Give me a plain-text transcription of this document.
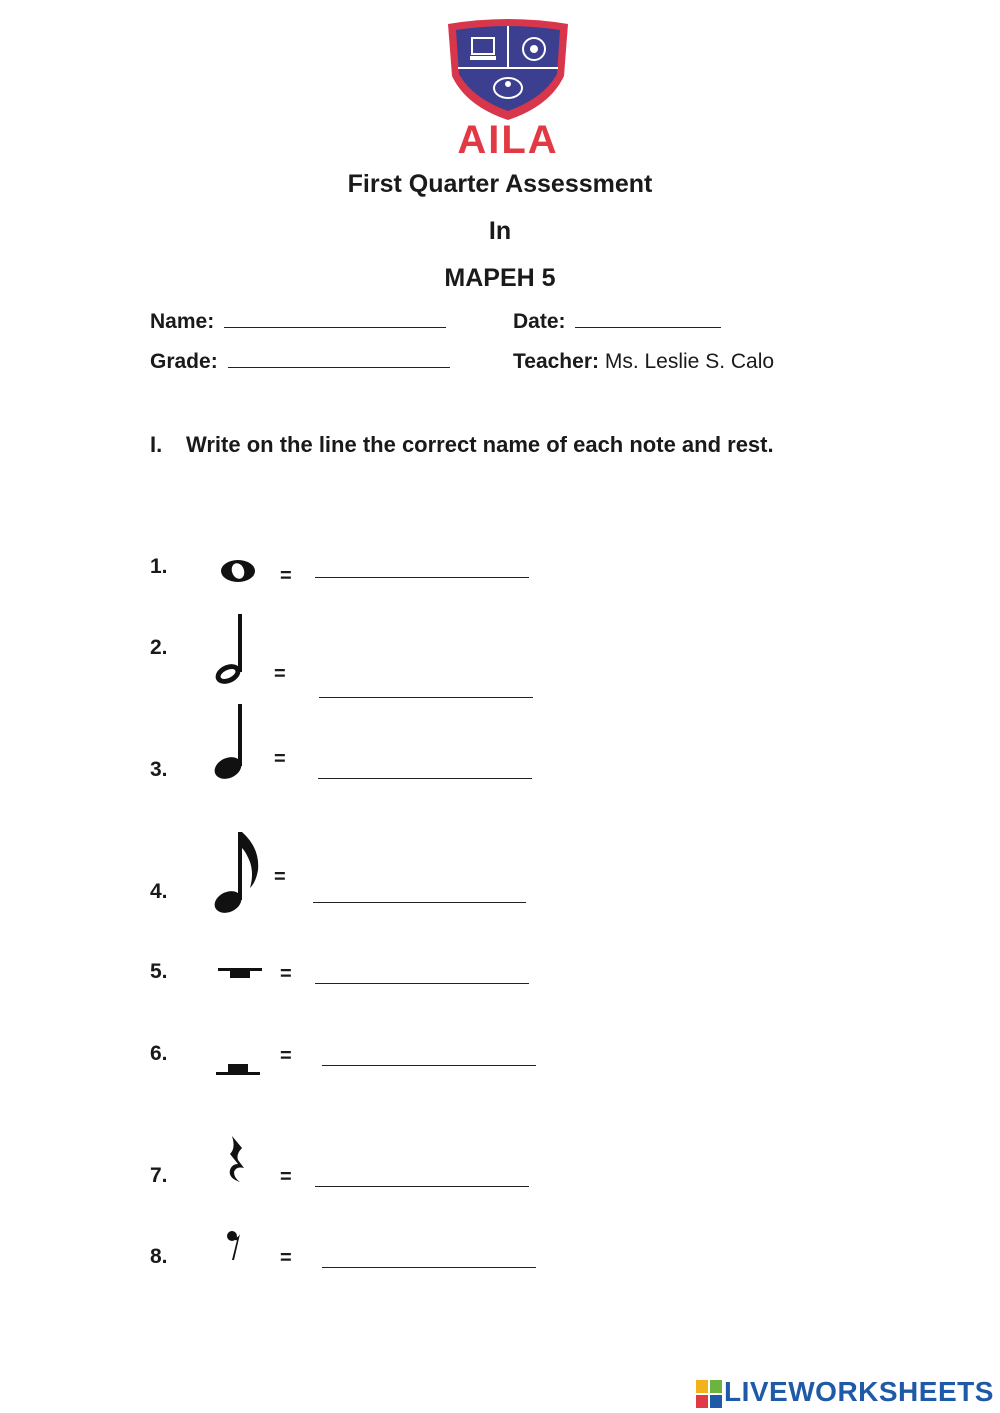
AILA
First Quarter Assessment
In
MAPEH 5
Name:	Date:
Grade:	Teacher: Ms. Leslie S. Calo
I. Write on the line the correct name of each note and rest.
1.	=
2.
=
3.	=
4.
=
5.	=
6.	=
7.	=
8.	=
LIVEWORKSHEETS
